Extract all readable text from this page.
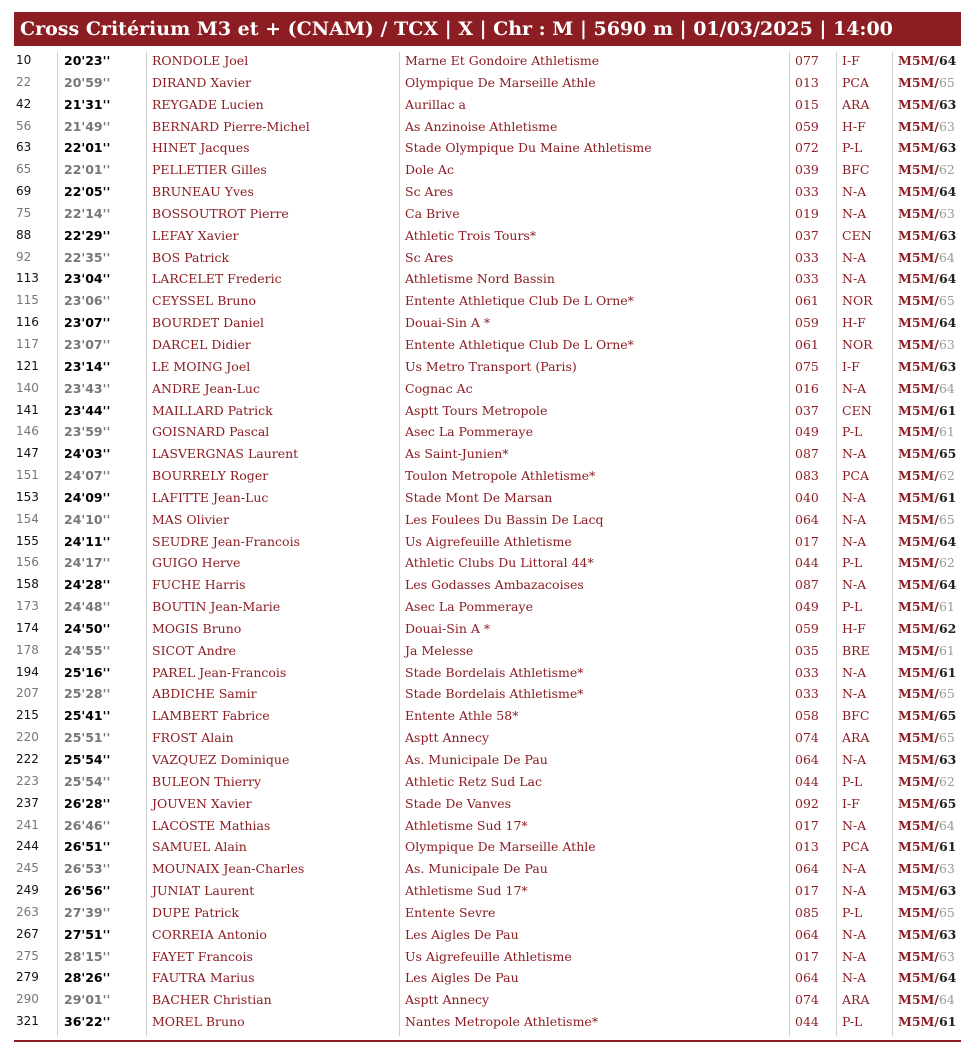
Cross Critérium M3 et + (CNAM) / TCX | X | Chr : M | 5690 m | 01/03/2025 | 14:00
10	20'23''	RONDOLE Joel	Marne Et Gondoire Athletisme	077 I-F	M5M/64
22	20'59''	DIRAND Xavier	Olympique De Marseille Athle	013 PCA M5M/65
42	21'31''	REYGADE Lucien	Aurillac a	015 ARA M5M/63
56	21'49''	BERNARD Pierre-Michel	As Anzinoise Athletisme	059 H-F	M5M/63
63	22'01''	HINET Jacques	Stade Olympique Du Maine Athletisme	072 P-L	M5M/63
65	22'01''	PELLETIER Gilles	Dole Ac	039 BFC M5M/62
69	22'05''	BRUNEAU Yves	Sc Ares	033 N-A	M5M/64
75	22'14''	BOSSOUTROT Pierre	Ca Brive	019 N-A	M5M/63
88	22'29''	LEFAY Xavier	Athletic Trois Tours*	037 CEN M5M/63
92	22'35''	BOS Patrick	Sc Ares	033 N-A	M5M/64
113 23'04''	LARCELET Frederic	Athletisme Nord Bassin	033 N-A	M5M/64
115 23'06''	CEYSSEL Bruno	Entente Athletique Club De L Orne*	061 NOR M5M/65
116 23'07''	BOURDET Daniel	Douai-Sin A *	059 H-F	M5M/64
117 23'07''	DARCEL Didier	Entente Athletique Club De L Orne*	061 NOR M5M/63
121 23'14''	LE MOING Joel	Us Metro Transport (Paris)	075 I-F	M5M/63
140 23'43''	ANDRE Jean-Luc	Cognac Ac	016 N-A	M5M/64
141 23'44''	MAILLARD Patrick	Asptt Tours Metropole	037 CEN M5M/61
146 23'59''	GOISNARD Pascal	Asec La Pommeraye	049 P-L	M5M/61
147 24'03''	LASVERGNAS Laurent	As Saint-Junien*	087 N-A	M5M/65
151 24'07''	BOURRELY Roger	Toulon Metropole Athletisme*	083 PCA M5M/62
153 24'09''	LAFITTE Jean-Luc	Stade Mont De Marsan	040 N-A	M5M/61
154 24'10''	MAS Olivier	Les Foulees Du Bassin De Lacq	064 N-A	M5M/65
155 24'11''	SEUDRE Jean-Francois	Us Aigrefeuille Athletisme	017 N-A	M5M/64
156 24'17''	GUIGO Herve	Athletic Clubs Du Littoral 44*	044 P-L	M5M/62
158 24'28''	FUCHE Harris	Les Godasses Ambazacoises	087 N-A	M5M/64
173 24'48''	BOUTIN Jean-Marie	Asec La Pommeraye	049 P-L	M5M/61
174 24'50''	MOGIS Bruno	Douai-Sin A *	059 H-F	M5M/62
178 24'55''	SICOT Andre	Ja Melesse	035 BRE M5M/61
194 25'16''	PAREL Jean-Francois	Stade Bordelais Athletisme*	033 N-A	M5M/61
207 25'28''	ABDICHE Samir	Stade Bordelais Athletisme*	033 N-A	M5M/65
215 25'41''	LAMBERT Fabrice	Entente Athle 58*	058 BFC M5M/65
220 25'51''	FROST Alain	Asptt Annecy	074 ARA M5M/65
222 25'54''	VAZQUEZ Dominique	As. Municipale De Pau	064 N-A	M5M/63
223 25'54''	BULEON Thierry	Athletic Retz Sud Lac	044 P-L	M5M/62
237 26'28''	JOUVEN Xavier	Stade De Vanves	092 I-F	M5M/65
241 26'46''	LACOSTE Mathias	Athletisme Sud 17*	017 N-A	M5M/64
244 26'51''	SAMUEL Alain	Olympique De Marseille Athle	013 PCA M5M/61
245 26'53''	MOUNAIX Jean-Charles	As. Municipale De Pau	064 N-A	M5M/63
249 26'56''	JUNIAT Laurent	Athletisme Sud 17*	017 N-A	M5M/63
263 27'39''	DUPE Patrick	Entente Sevre	085 P-L	M5M/65
267 27'51''	CORREIA Antonio	Les Aigles De Pau	064 N-A	M5M/63
275 28'15''	FAYET Francois	Us Aigrefeuille Athletisme	017 N-A	M5M/63
279 28'26''	FAUTRA Marius	Les Aigles De Pau	064 N-A	M5M/64
290 29'01''	BACHER Christian	Asptt Annecy	074 ARA M5M/64
321 36'22''	MOREL Bruno	Nantes Metropole Athletisme*	044 P-L	M5M/61
